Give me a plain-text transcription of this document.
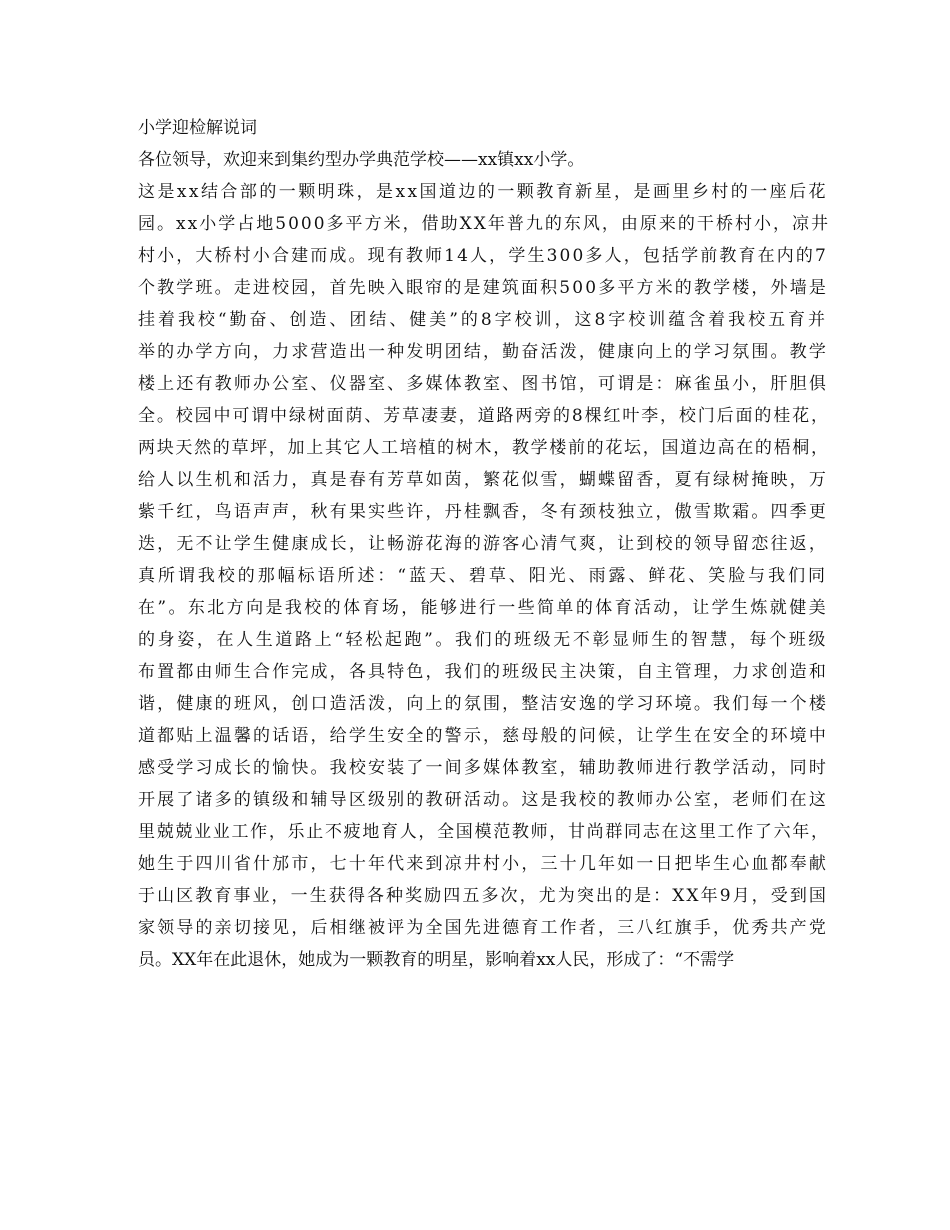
小学迎检解说词
各位领导，欢迎来到集约型办学典范学校——xx镇xx小学。
这是xx结合部的一颗明珠，是xx国道边的一颗教育新星，是画里乡村的一座后花
园。xx小学占地5000多平方米，借助XX年普九的东风，由原来的干桥村小，凉井
村小，大桥村小合建而成。现有教师14人，学生300多人，包括学前教育在内的7
个教学班。走进校园，首先映入眼帘的是建筑面积500多平方米的教学楼，外墙是
挂着我校“勤奋、创造、团结、健美”的8字校训，这8字校训蕴含着我校五育并
举的办学方向，力求营造出一种发明团结，勤奋活泼，健康向上的学习氛围。教学
楼上还有教师办公室、仪器室、多媒体教室、图书馆，可谓是：麻雀虽小，肝胆俱
全。校园中可谓中绿树面荫、芳草凄妻，道路两旁的8棵红叶李，校门后面的桂花，
两块天然的草坪，加上其它人工培植的树木，教学楼前的花坛，国道边高在的梧桐，
给人以生机和活力，真是春有芳草如茵，繁花似雪，蝴蝶留香，夏有绿树掩映，万
紫千红，鸟语声声，秋有果实些许，丹桂飘香，冬有颈枝独立，傲雪欺霜。四季更
迭，无不让学生健康成长，让畅游花海的游客心清气爽，让到校的领导留恋往返，
真所谓我校的那幅标语所述：“蓝天、碧草、阳光、雨露、鲜花、笑脸与我们同
在”。东北方向是我校的体育场，能够进行一些简单的体育活动，让学生炼就健美
的身姿，在人生道路上“轻松起跑”。我们的班级无不彰显师生的智慧，每个班级
布置都由师生合作完成，各具特色，我们的班级民主决策，自主管理，力求创造和
谐，健康的班风，创口造活泼，向上的氛围，整洁安逸的学习环境。我们每一个楼
道都贴上温馨的话语，给学生安全的警示，慈母般的问候，让学生在安全的环境中
感受学习成长的愉快。我校安装了一间多媒体教室，辅助教师进行教学活动，同时
开展了诸多的镇级和辅导区级别的教研活动。这是我校的教师办公室，老师们在这
里兢兢业业工作，乐止不疲地育人，全国模范教师，甘尚群同志在这里工作了六年，
她生于四川省什邡市，七十年代来到凉井村小，三十几年如一日把毕生心血都奉献
于山区教育事业，一生获得各种奖励四五多次，尤为突出的是：XX年9月，受到国
家领导的亲切接见，后相继被评为全国先进德育工作者，三八红旗手，优秀共产党
员。XX年在此退休，她成为一颗教育的明星，影响着xx人民，形成了：“不需学
